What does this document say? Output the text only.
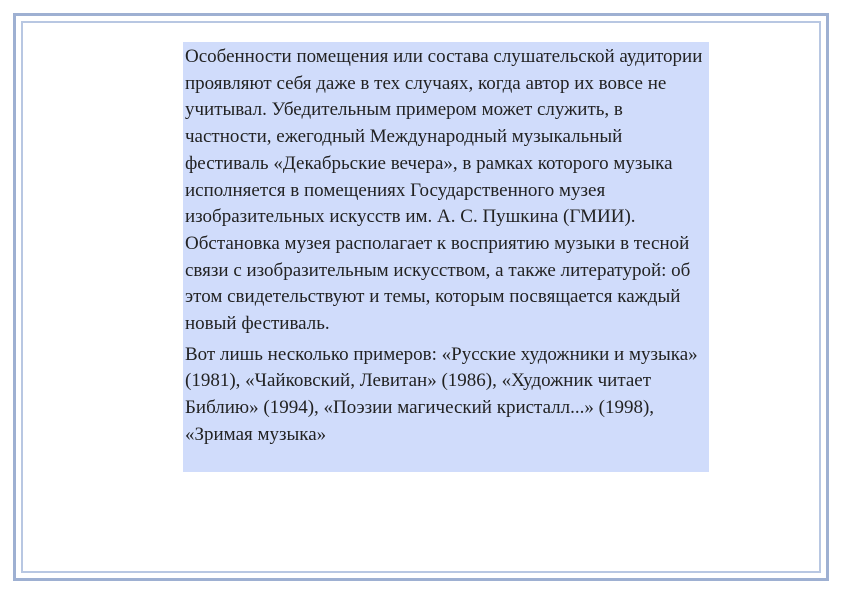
Особенности помещения или состава слушательской аудитории проявляют себя даже в тех случаях, когда автор их вовсе не учитывал. Убедительным примером может служить, в частности, ежегодный Международный музыкальный фестиваль «Декабрьские вечера», в рамках которого музыка исполняется в помещениях Государственного музея изобразительных искусств им. А. С. Пушкина (ГМИИ). Обстановка музея располагает к восприятию музыки в тесной связи с изобразительным искусством, а также литературой: об этом свидетельствуют и темы, которым посвящается каждый новый фестиваль.

Вот лишь несколько примеров: «Русские художники и музыка» (1981), «Чайковский, Левитан» (1986), «Художник читает Библию» (1994), «Поэзии магический кристалл...» (1998), «Зримая музыка»
